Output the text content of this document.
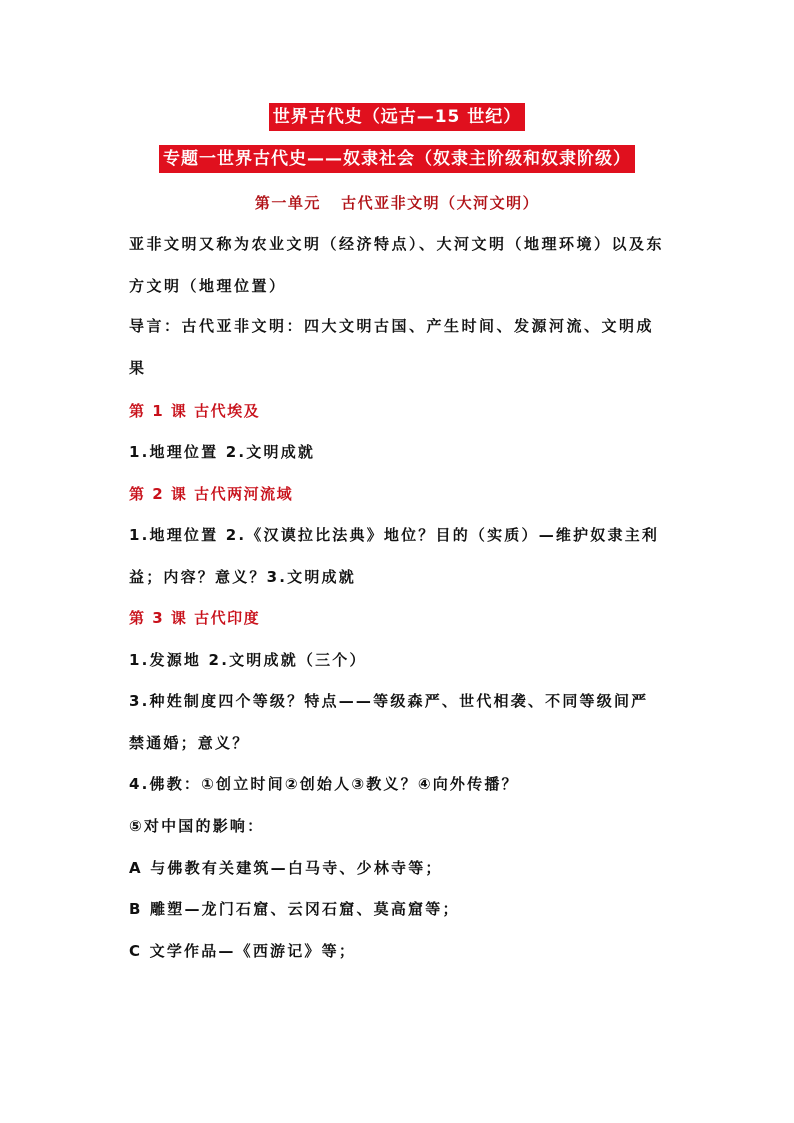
世界古代史（远古—15 世纪）
专题一世界古代史——奴隶社会（奴隶主阶级和奴隶阶级）
第一单元   古代亚非文明（大河文明）
亚非文明又称为农业文明（经济特点）、大河文明（地理环境）以及东方文明（地理位置）
导言：古代亚非文明：四大文明古国、产生时间、发源河流、文明成果
第 1 课 古代埃及
1.地理位置 2.文明成就
第 2 课 古代两河流域
1.地理位置 2.《汉谟拉比法典》地位？目的（实质）—维护奴隶主利
益；内容？意义？3.文明成就
第 3 课 古代印度
1.发源地 2.文明成就（三个）
3.种姓制度四个等级？特点——等级森严、世代相袭、不同等级间严
禁通婚；意义？
4.佛教：①创立时间②创始人③教义？④向外传播？
⑤对中国的影响：
A 与佛教有关建筑—白马寺、少林寺等；
B 雕塑—龙门石窟、云冈石窟、莫高窟等；
C 文学作品—《西游记》等；
